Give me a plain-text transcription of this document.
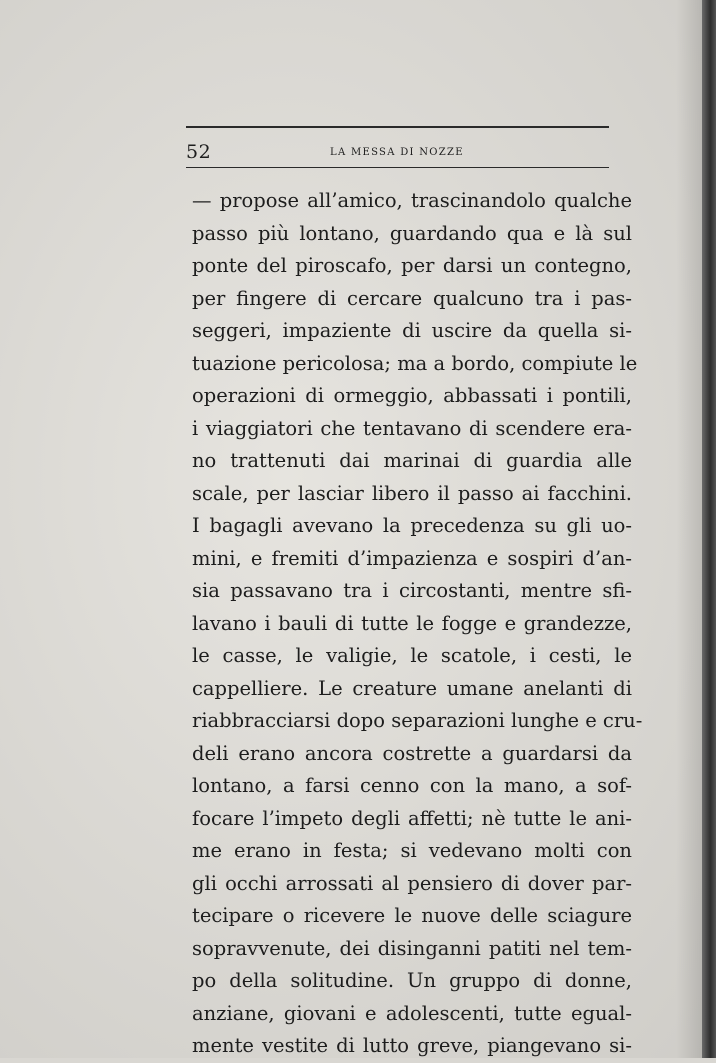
52	LA MESSA DI NOZZE
— propose all’amico, trascinandolo qualche
passo più lontano, guardando qua e là sul
ponte del piroscafo, per darsi un contegno,
per fingere di cercare qualcuno tra i pas-
seggeri, impaziente di uscire da quella si-
tuazione pericolosa; ma a bordo, compiute le
operazioni di ormeggio, abbassati i pontili,
i viaggiatori che tentavano di scendere era-
no trattenuti dai marinai di guardia alle
scale, per lasciar libero il passo ai facchini.
I bagagli avevano la precedenza su gli uo-
mini, e fremiti d’impazienza e sospiri d’an-
sia passavano tra i circostanti, mentre sfi-
lavano i bauli di tutte le fogge e grandezze,
le casse, le valigie, le scatole, i cesti, le
cappelliere. Le creature umane anelanti di
riabbracciarsi dopo separazioni lunghe e cru-
deli erano ancora costrette a guardarsi da
lontano, a farsi cenno con la mano, a sof-
focare l’impeto degli affetti; nè tutte le ani-
me erano in festa; si vedevano molti con
gli occhi arrossati al pensiero di dover par-
tecipare o ricevere le nuove delle sciagure
sopravvenute, dei disinganni patiti nel tem-
po della solitudine. Un gruppo di donne,
anziane, giovani e adolescenti, tutte egual-
mente vestite di lutto greve, piangevano si-
